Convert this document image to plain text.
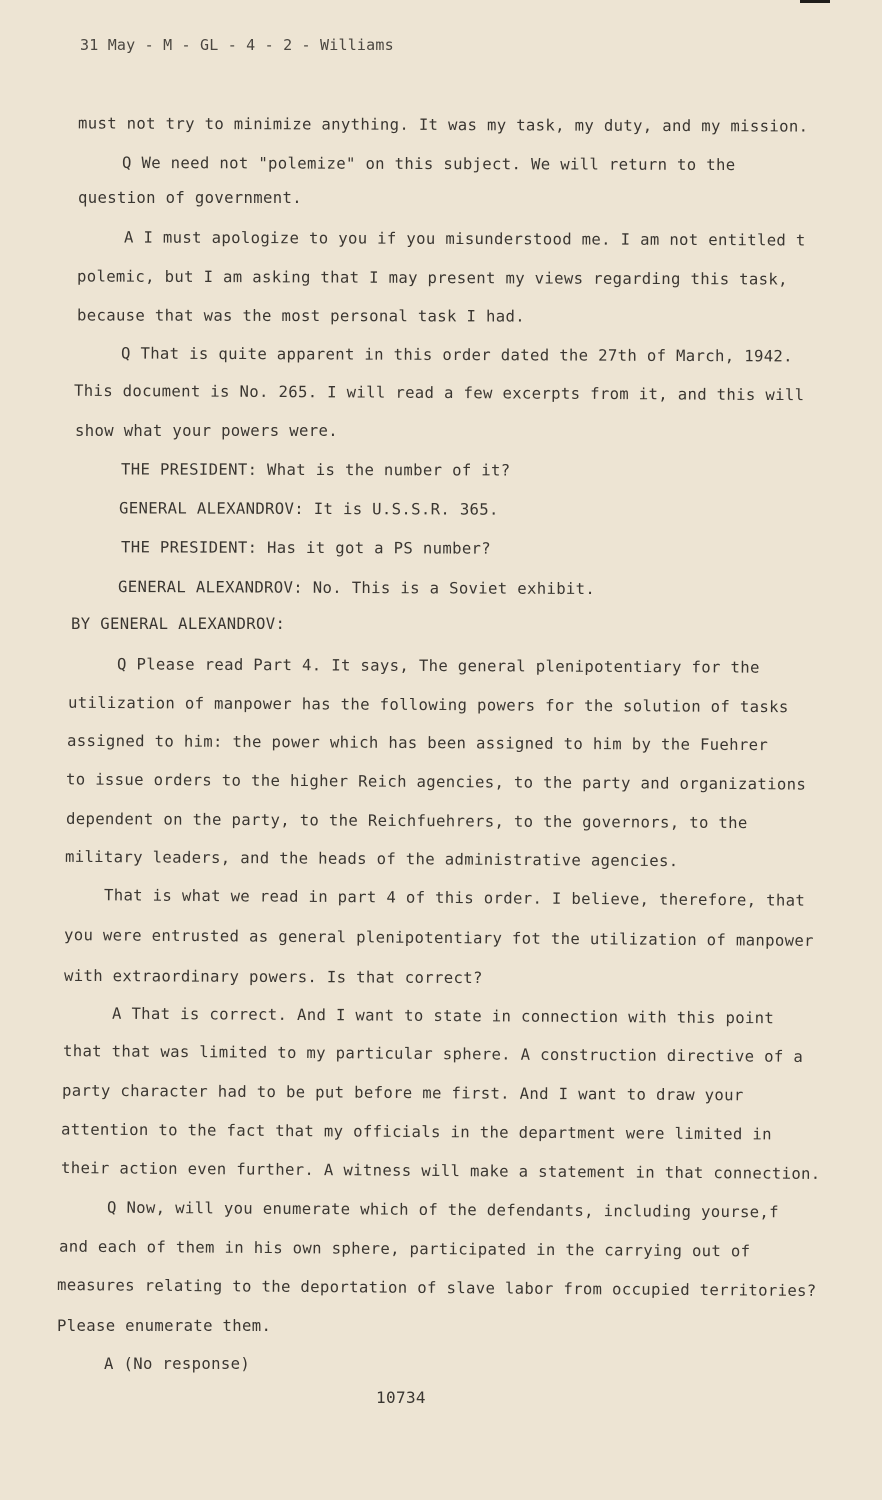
31 May - M - GL - 4 - 2 - Williams
must not try to minimize anything. It was my task, my duty, and my mission.
Q We need not "polemize" on this subject. We will return to the
question of government.
A I must apologize to you if you misunderstood me. I am not entitled t
polemic, but I am asking that I may present my views regarding this task,
because that was the most personal task I had.
Q That is quite apparent in this order dated the 27th of March, 1942.
This document is No. 265. I will read a few excerpts from it, and this will
show what your powers were.
THE PRESIDENT: What is the number of it?
GENERAL ALEXANDROV: It is U.S.S.R. 365.
THE PRESIDENT: Has it got a PS number?
GENERAL ALEXANDROV: No. This is a Soviet exhibit.
BY GENERAL ALEXANDROV:
Q Please read Part 4. It says, The general plenipotentiary for the
utilization of manpower has the following powers for the solution of tasks
assigned to him: the power which has been assigned to him by the Fuehrer
to issue orders to the higher Reich agencies, to the party and organizations
dependent on the party, to the Reichfuehrers, to the governors, to the
military leaders, and the heads of the administrative agencies.
That is what we read in part 4 of this order. I believe, therefore, that
you were entrusted as general plenipotentiary fot the utilization of manpower
with extraordinary powers. Is that correct?
A That is correct. And I want to state in connection with this point
that that was limited to my particular sphere. A construction directive of a
party character had to be put before me first. And I want to draw your
attention to the fact that my officials in the department were limited in
their action even further. A witness will make a statement in that connection.
Q Now, will you enumerate which of the defendants, including yourse,f
and each of them in his own sphere, participated in the carrying out of
measures relating to the deportation of slave labor from occupied territories?
Please enumerate them.
A (No response)
10734
